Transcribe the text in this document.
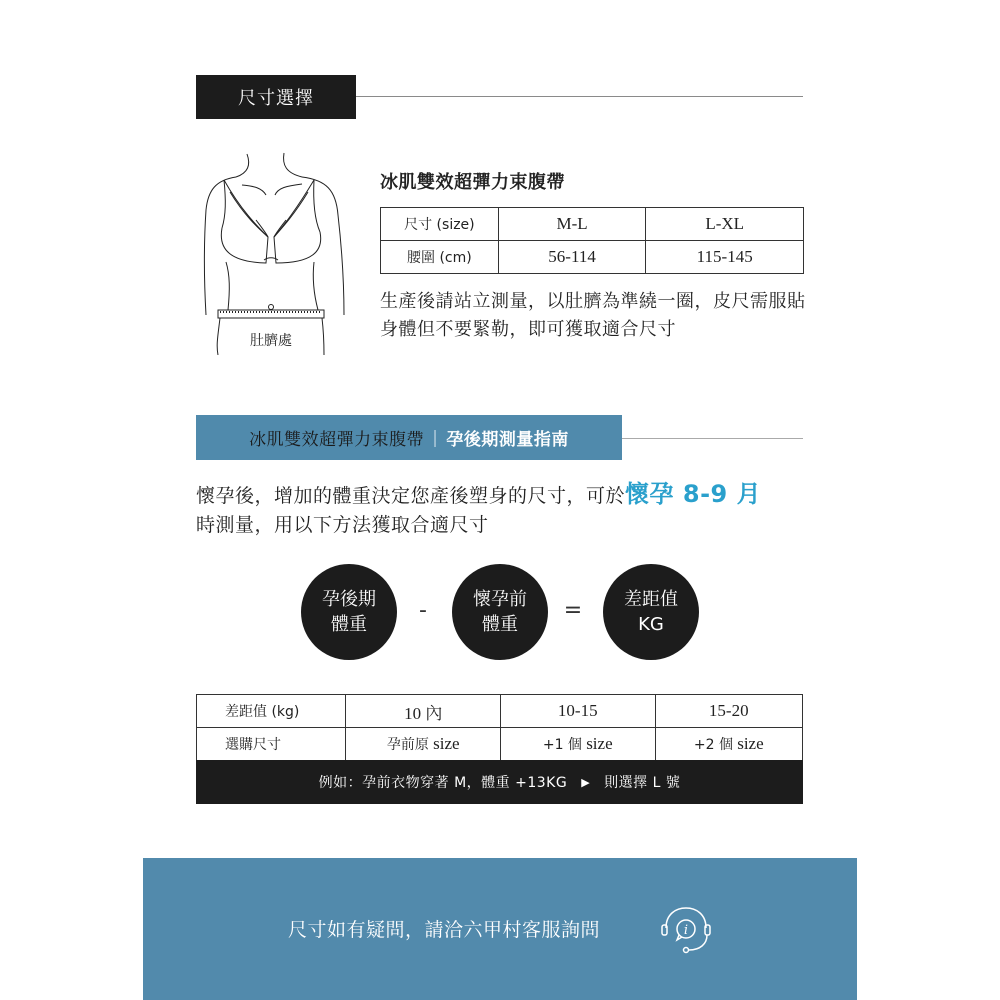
尺寸選擇
肚臍處
冰肌雙效超彈力束腹帶
尺寸 (size)	M-L	L-XL
腰圍 (cm)	56-114	115-145
生產後請站立測量，以肚臍為準繞一圈，皮尺需服貼身體但不要緊勒，即可獲取適合尺寸
冰肌雙效超彈力束腹帶 | 孕後期測量指南
懷孕後，增加的體重決定您產後塑身的尺寸，可於懷孕 8-9 月
時測量，用以下方法獲取合適尺寸
孕後期
體重
-	懷孕前
體重
=	差距值
KG
差距值 (kg)	10 內	10-15	15-20
選購尺寸	孕前原 size	+1 個 size	+2 個 size
例如：孕前衣物穿著 M，體重 +13KG ▶ 則選擇 L 號
尺寸如有疑問，請洽六甲村客服詢問	i
